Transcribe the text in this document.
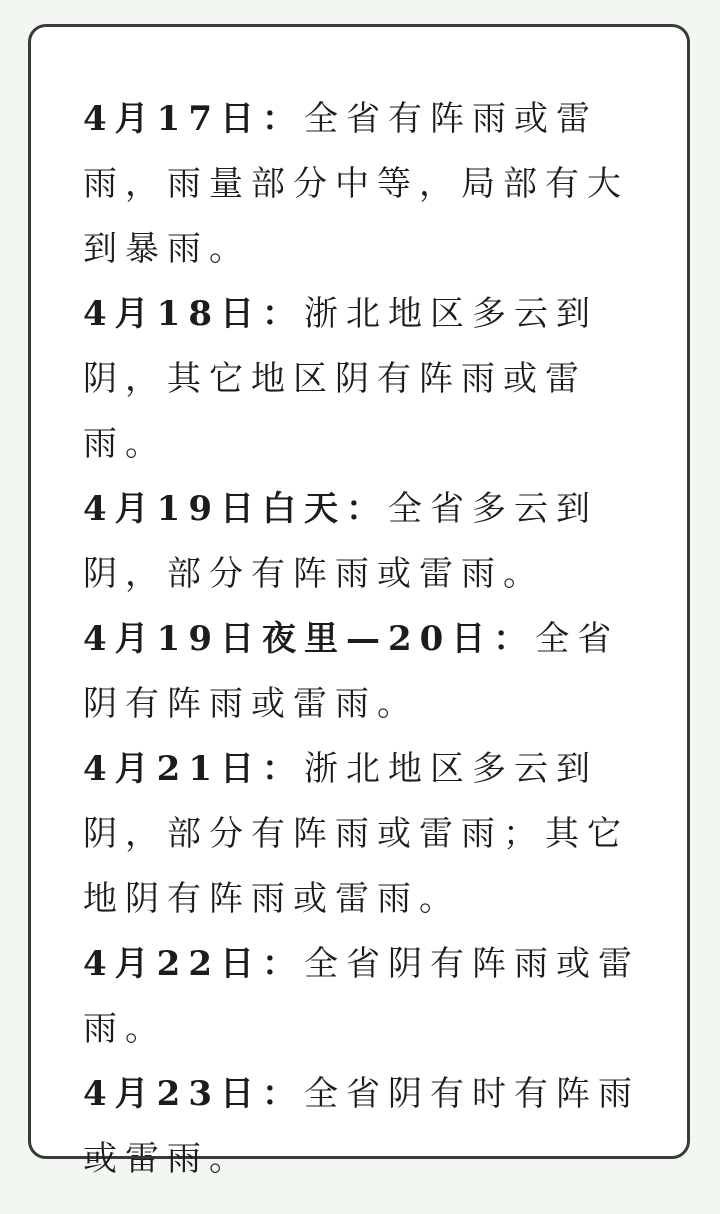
4月17日：全省有阵雨或雷雨，雨量部分中等，局部有大到暴雨。

4月18日：浙北地区多云到阴，其它地区阴有阵雨或雷雨。

4月19日白天：全省多云到阴，部分有阵雨或雷雨。

4月19日夜里—20日：全省阴有阵雨或雷雨。

4月21日：浙北地区多云到阴，部分有阵雨或雷雨；其它地阴有阵雨或雷雨。

4月22日：全省阴有阵雨或雷雨。

4月23日：全省阴有时有阵雨或雷雨。
